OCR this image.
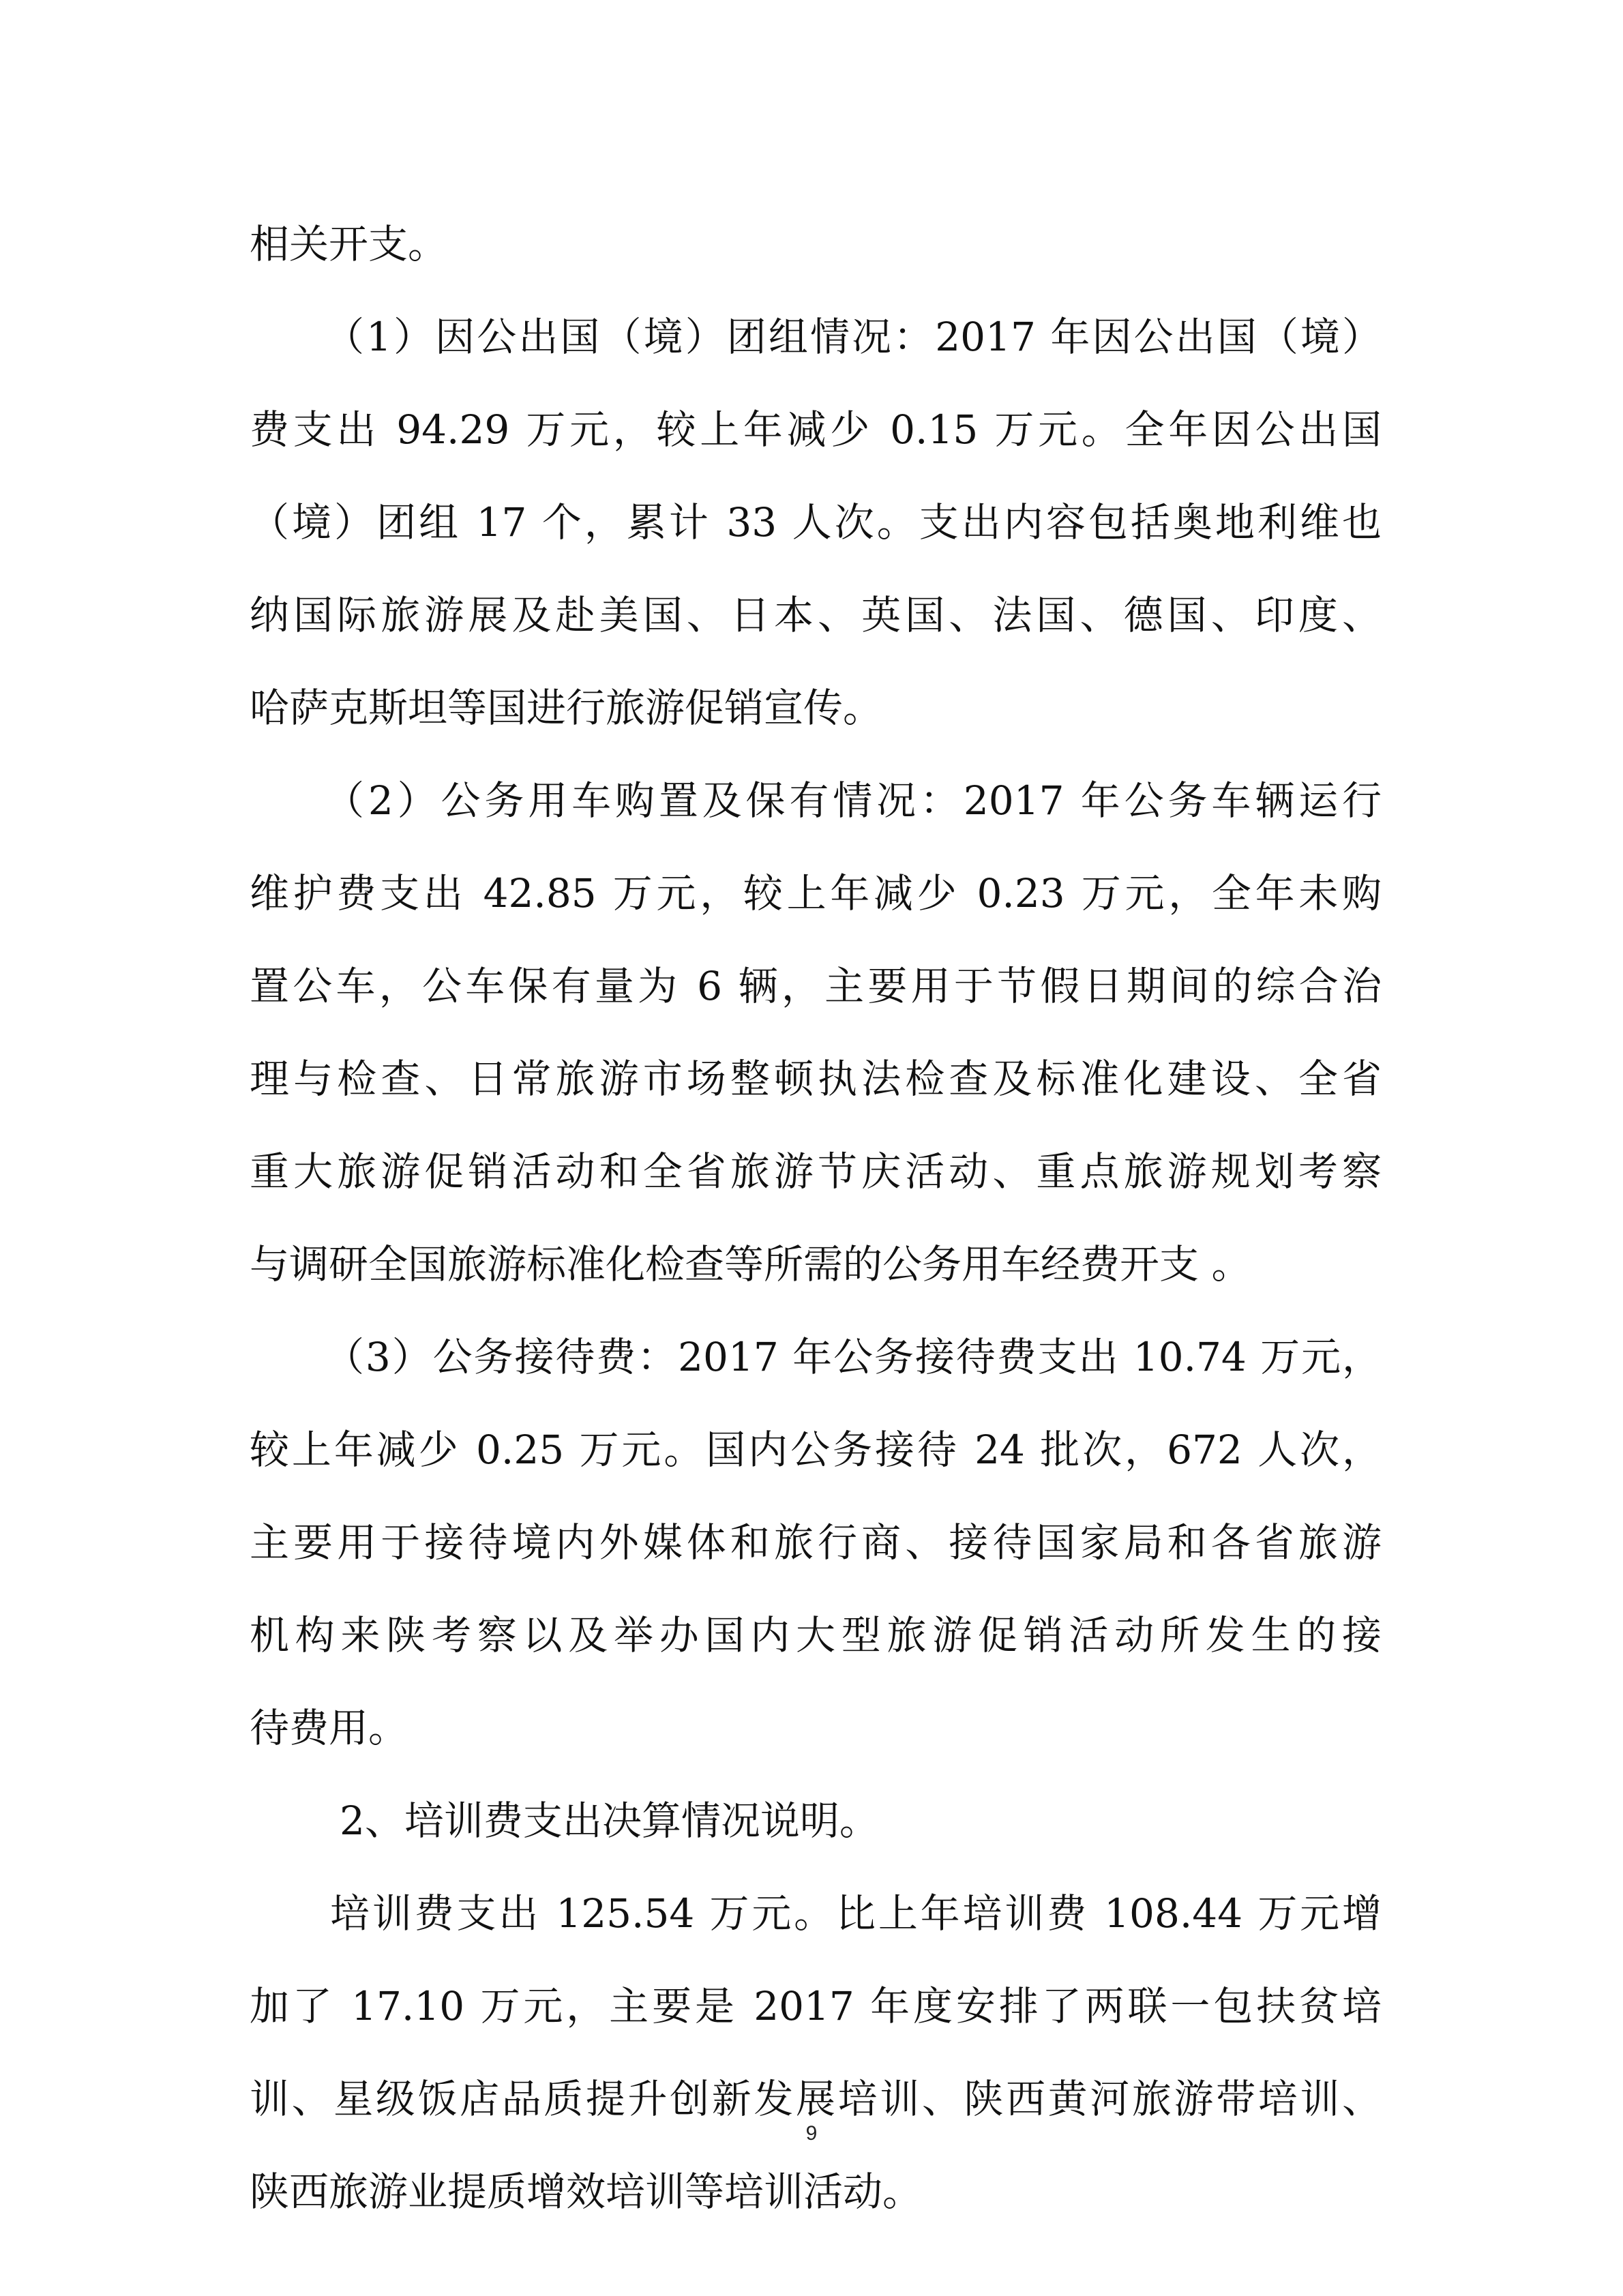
相关开支。
（1）因公出国（境）团组情况：2017 年因公出国（境）
费支出 94.29 万元，较上年减少 0.15 万元。全年因公出国
（境）团组 17 个，累计 33 人次。支出内容包括奥地利维也
纳国际旅游展及赴美国、日本、英国、法国、德国、印度、
哈萨克斯坦等国进行旅游促销宣传。
（2）公务用车购置及保有情况：2017 年公务车辆运行
维护费支出 42.85 万元，较上年减少 0.23 万元，全年未购
置公车，公车保有量为 6 辆，主要用于节假日期间的综合治
理与检查、日常旅游市场整顿执法检查及标准化建设、全省
重大旅游促销活动和全省旅游节庆活动、重点旅游规划考察
与调研全国旅游标准化检查等所需的公务用车经费开支 。
（3）公务接待费：2017 年公务接待费支出 10.74 万元，
较上年减少 0.25 万元。国内公务接待 24 批次，672 人次，
主要用于接待境内外媒体和旅行商、接待国家局和各省旅游
机构来陕考察以及举办国内大型旅游促销活动所发生的接
待费用。
2、培训费支出决算情况说明。
培训费支出 125.54 万元。比上年培训费 108.44 万元增
加了 17.10 万元，主要是 2017 年度安排了两联一包扶贫培
训、星级饭店品质提升创新发展培训、陕西黄河旅游带培训、
陕西旅游业提质增效培训等培训活动。
9
